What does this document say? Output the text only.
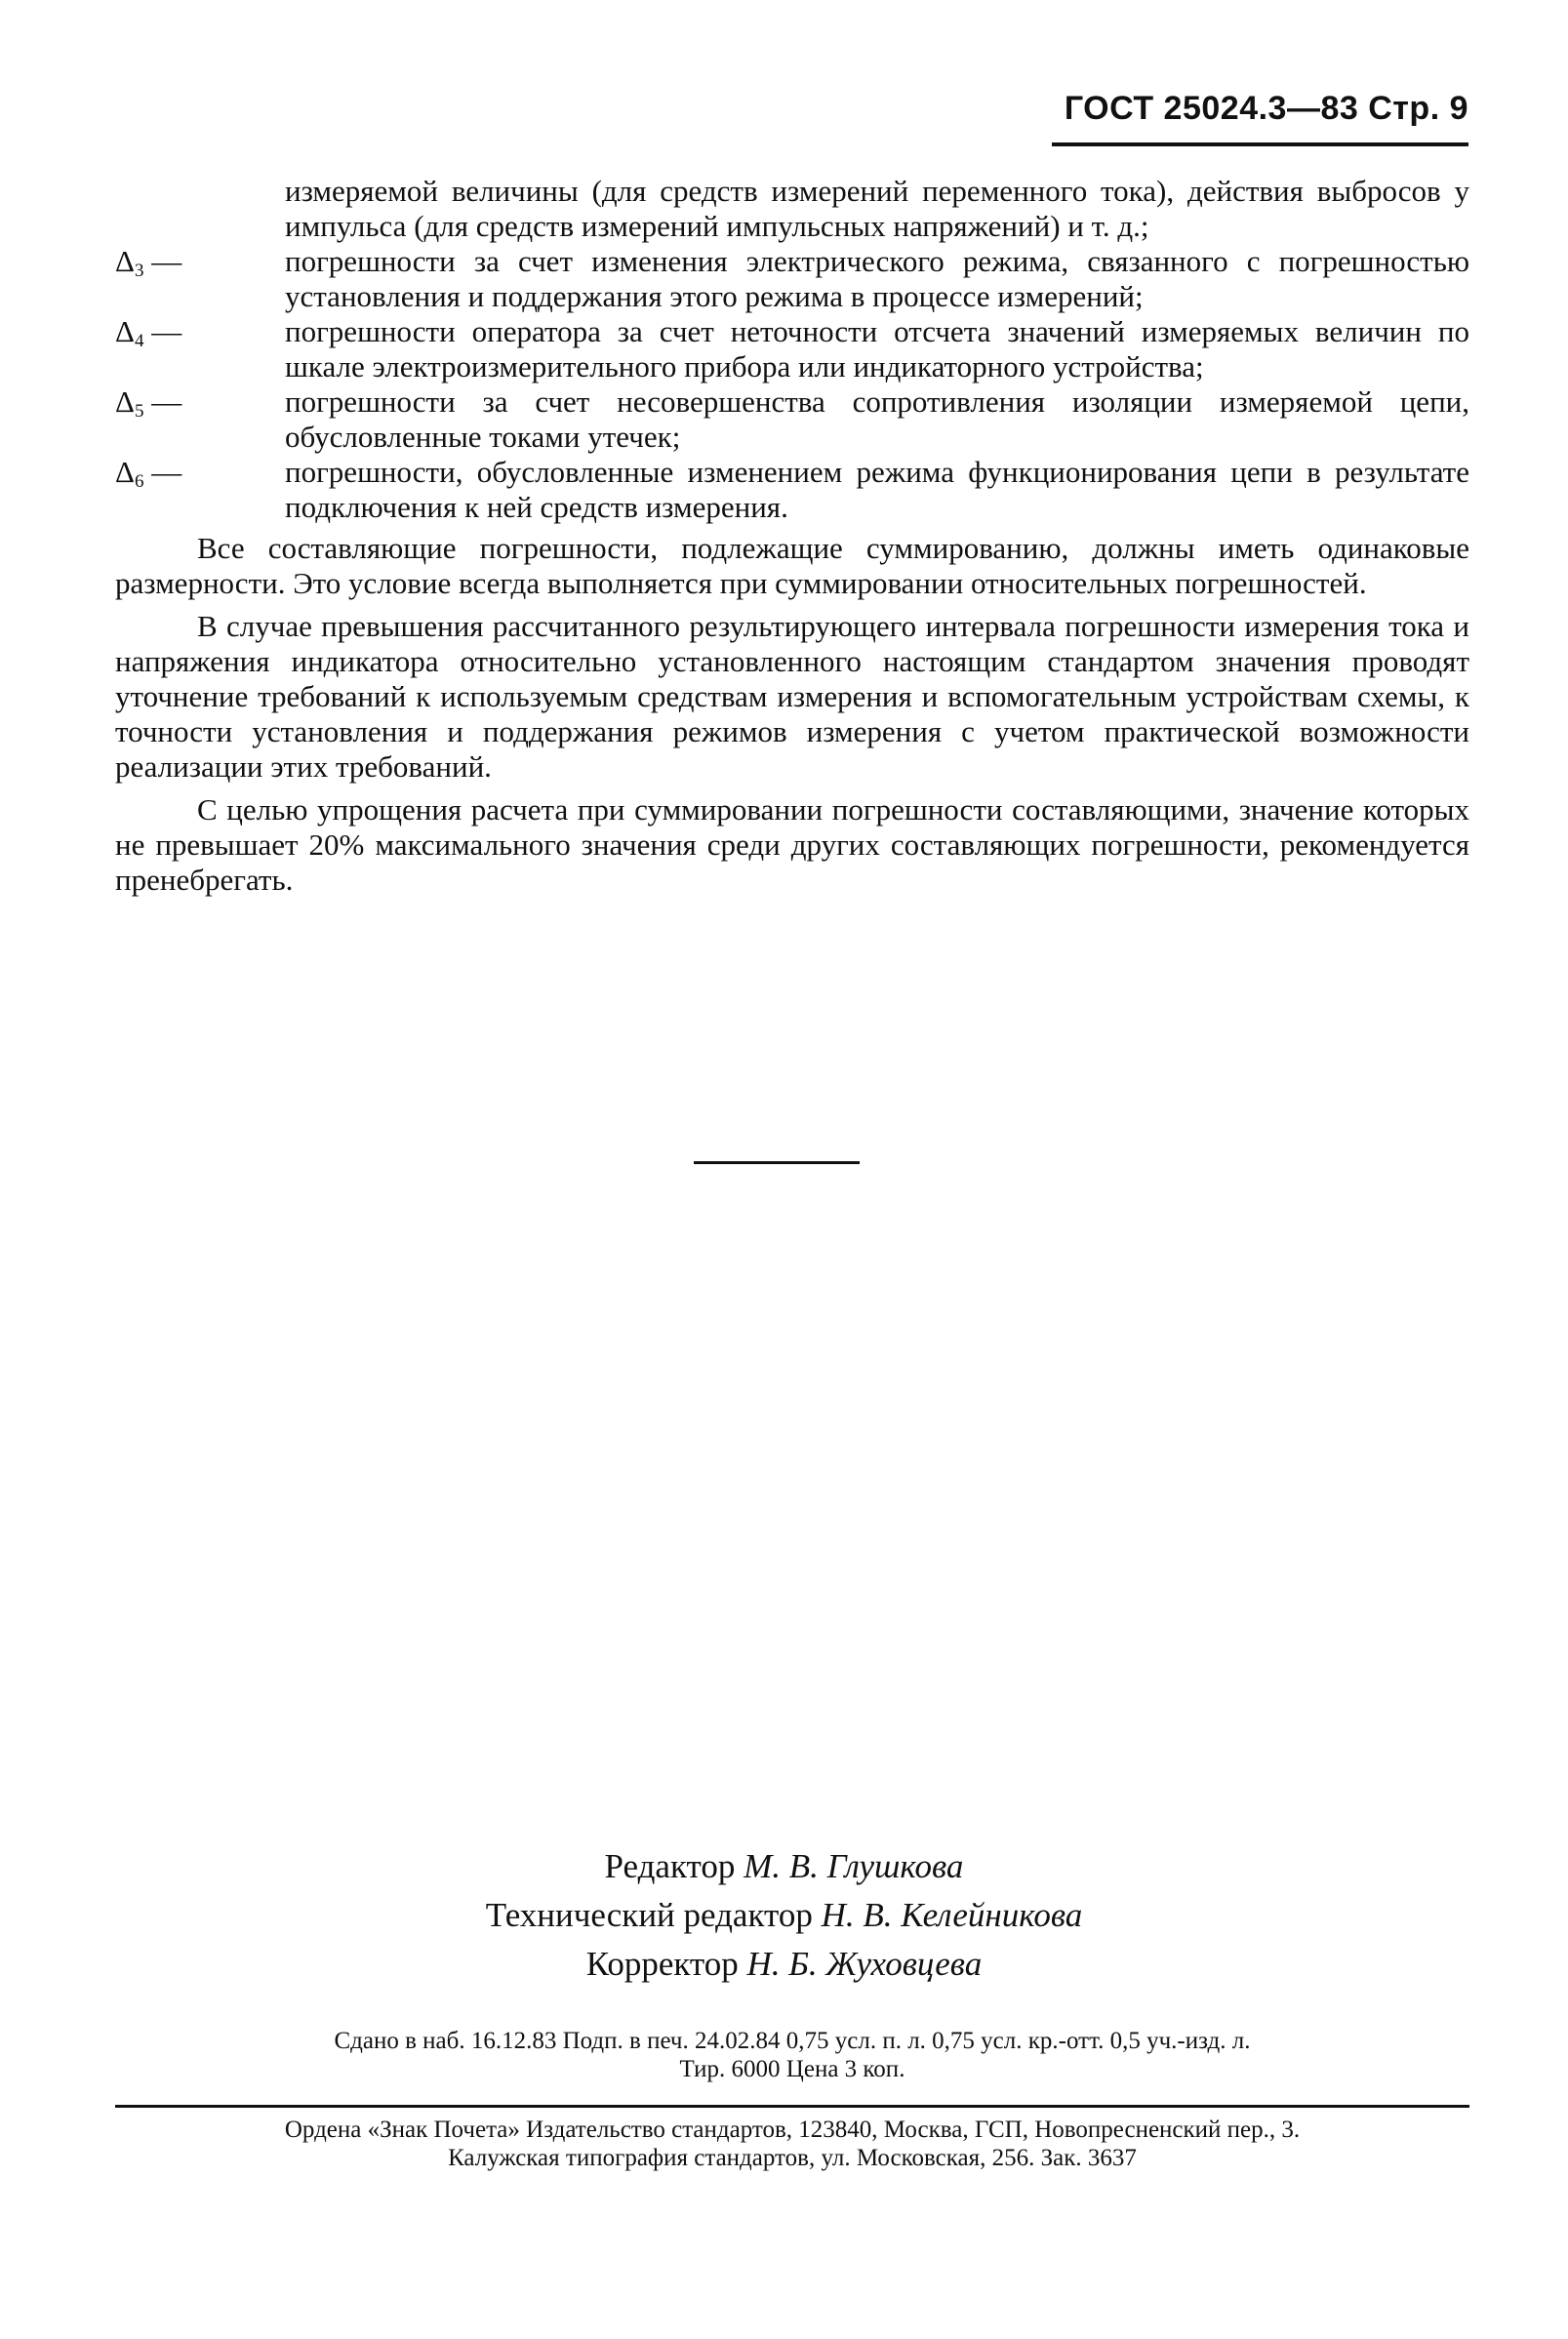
ГОСТ 25024.3—83 Стр. 9

измеряемой величины (для средств измерений переменного тока), действия выбросов у импульса (для средств измерений импульсных напряжений) и т. д.;

$\Delta_3$ —	погрешности за счет изменения электрического режима, связанного с погрешностью установления и поддержания этого режима в процессе измерений;
$\Delta_4$ —	погрешности оператора за счет неточности отсчета значений измеряемых величин по шкале электроизмерительного прибора или индикаторного устройства;
$\Delta_5$ —	погрешности за счет несовершенства сопротивления изоляции измеряемой цепи, обусловленные токами утечек;
$\Delta_6$ —	погрешности, обусловленные изменением режима функционирования цепи в результате подключения к ней средств измерения.

Все составляющие погрешности, подлежащие суммированию, должны иметь одинаковые размерности. Это условие всегда выполняется при суммировании относительных погрешностей.

В случае превышения рассчитанного результирующего интервала погрешности измерения тока и напряжения индикатора относительно установленного настоящим стандартом значения проводят уточнение требований к используемым средствам измерения и вспомогательным устройствам схемы, к точности установления и поддержания режимов измерения с учетом практической возможности реализации этих требований.

С целью упрощения расчета при суммировании погрешности составляющими, значение которых не превышает 20% максимального значения среди других составляющих погрешности, рекомендуется пренебрегать.

Редактор М. В. Глушкова
Технический редактор Н. В. Келейникова
Корректор Н. Б. Жуховцева
Сдано в наб. 16.12.83 Подп. в печ. 24.02.84 0,75 усл. п. л. 0,75 усл. кр.-отт. 0,5 уч.-изд. л.
Тир. 6000 Цена 3 коп.
Ордена «Знак Почета» Издательство стандартов, 123840, Москва, ГСП, Новопресненский пер., 3.
Калужская типография стандартов, ул. Московская, 256. Зак. 3637
